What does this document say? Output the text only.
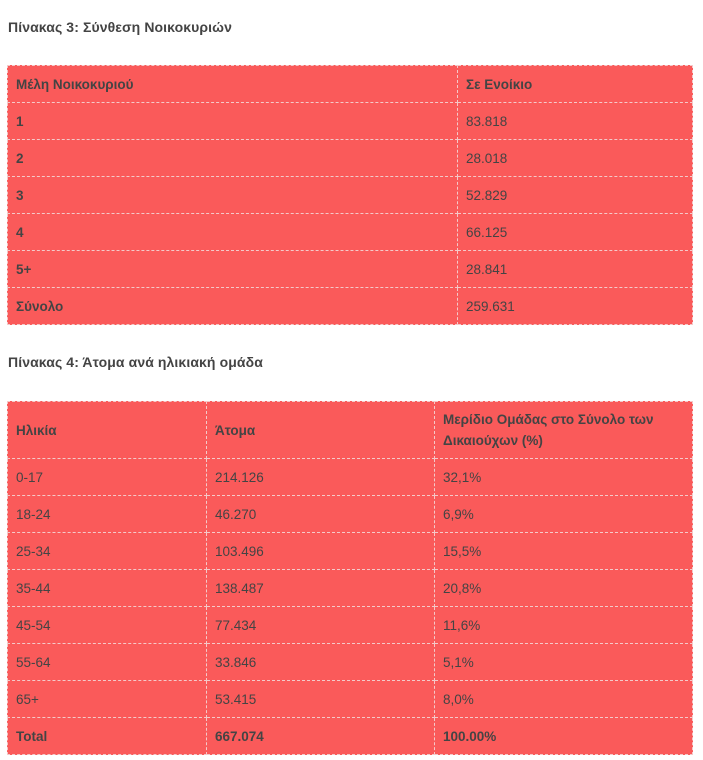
Πίνακας 3: Σύνθεση Νοικοκυριών
Μέλη Νοικοκυριού	Σε Ενοίκιο
1	83.818
2	28.018
3	52.829
4	66.125
5+	28.841
Σύνολο	259.631
Πίνακας 4: Άτομα ανά ηλικιακή ομάδα
Ηλικία	Άτομα	Μερίδιο Ομάδας στο Σύνολο των Δικαιούχων (%)
0-17	214.126	32,1%
18-24	46.270	6,9%
25-34	103.496	15,5%
35-44	138.487	20,8%
45-54	77.434	11,6%
55-64	33.846	5,1%
65+	53.415	8,0%
Total	667.074	100.00%
